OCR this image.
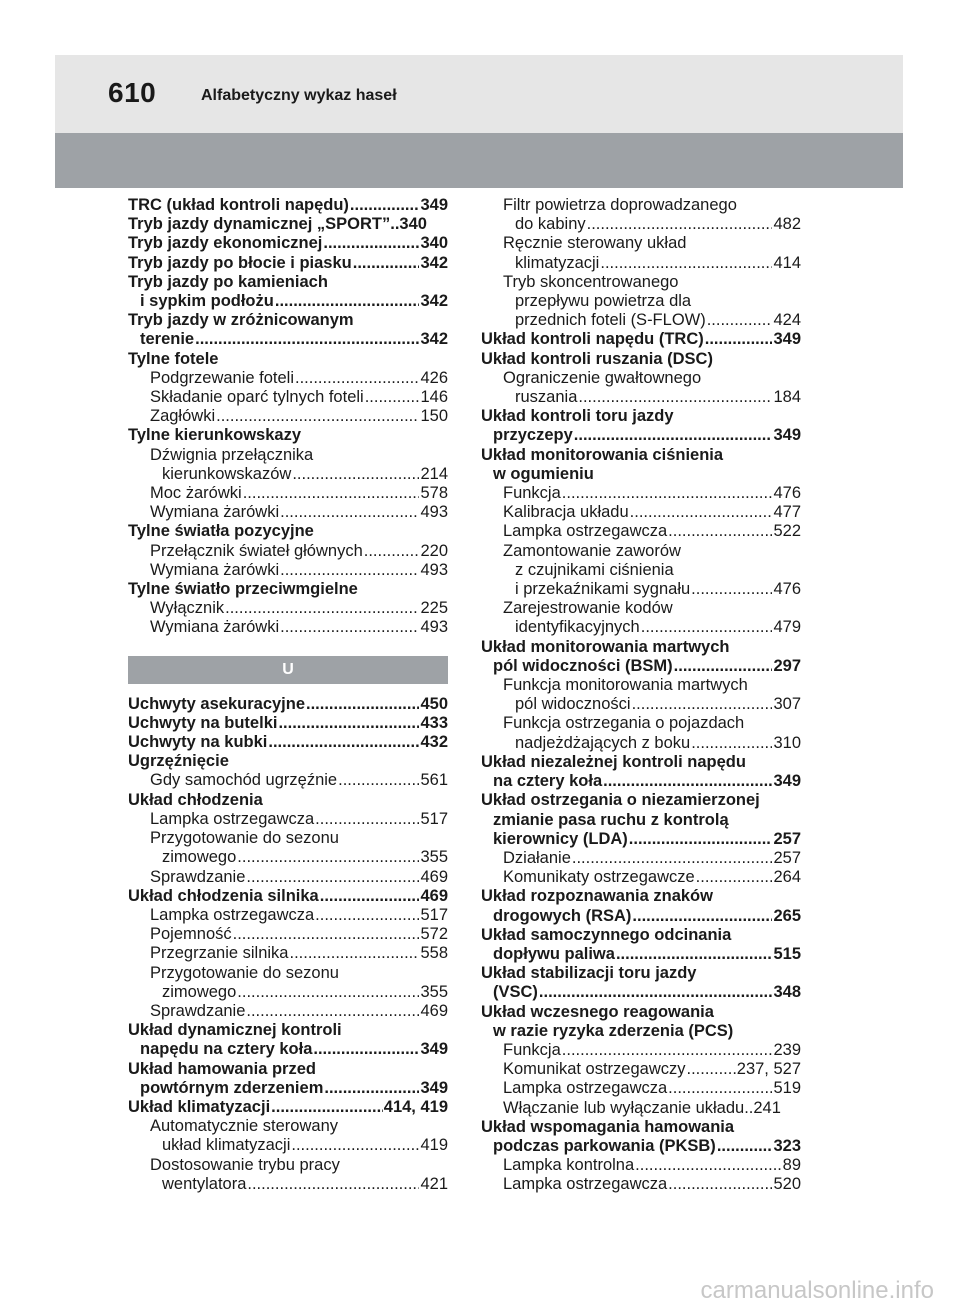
610	Alfabetyczny wykaz haseł
TRC (układ kontroli napędu) .....	349
Tryb jazdy dynamicznej „SPORT”..340
Tryb jazdy ekonomicznej .....	340
Tryb jazdy po błocie i piasku .....	342
Tryb jazdy po kamieniach
i sypkim podłożu .....	342
Tryb jazdy w zróżnicowanym
terenie .....	342
Tylne fotele
Podgrzewanie foteli .....	426
Składanie oparć tylnych foteli .....	146
Zagłówki .....	150
Tylne kierunkowskazy
Dźwignia przełącznika
kierunkowskazów .....	214
Moc żarówki .....	578
Wymiana żarówki .....	493
Tylne światła pozycyjne
Przełącznik świateł głównych .....	220
Wymiana żarówki .....	493
Tylne światło przeciwmgielne
Wyłącznik .....	225
Wymiana żarówki .....	493
U
Uchwyty asekuracyjne .....	450
Uchwyty na butelki .....	433
Uchwyty na kubki .....	432
Ugrzęźnięcie
Gdy samochód ugrzęźnie .....	561
Układ chłodzenia
Lampka ostrzegawcza .....	517
Przygotowanie do sezonu
zimowego .....	355
Sprawdzanie .....	469
Układ chłodzenia silnika .....	469
Lampka ostrzegawcza .....	517
Pojemność .....	572
Przegrzanie silnika .....	558
Przygotowanie do sezonu
zimowego .....	355
Sprawdzanie .....	469
Układ dynamicznej kontroli
napędu na cztery koła .....	349
Układ hamowania przed
powtórnym zderzeniem .....	349
Układ klimatyzacji .....	414, 419
Automatycznie sterowany
układ klimatyzacji .....	419
Dostosowanie trybu pracy
wentylatora .....	421
Filtr powietrza doprowadzanego
do kabiny .....	482
Ręcznie sterowany układ
klimatyzacji .....	414
Tryb skoncentrowanego
przepływu powietrza dla
przednich foteli (S-FLOW) .....	424
Układ kontroli napędu (TRC) .....	349
Układ kontroli ruszania (DSC)
Ograniczenie gwałtownego
ruszania .....	184
Układ kontroli toru jazdy
przyczepy .....	349
Układ monitorowania ciśnienia
w ogumieniu
Funkcja .....	476
Kalibracja układu .....	477
Lampka ostrzegawcza .....	522
Zamontowanie zaworów
z czujnikami ciśnienia
i przekaźnikami sygnału .....	476
Zarejestrowanie kodów
identyfikacyjnych .....	479
Układ monitorowania martwych
pól widoczności (BSM) .....	297
Funkcja monitorowania martwych
pól widoczności .....	307
Funkcja ostrzegania o pojazdach
nadjeżdżających z boku .....	310
Układ niezależnej kontroli napędu
na cztery koła .....	349
Układ ostrzegania o niezamierzonej
zmianie pasa ruchu z kontrolą
kierownicy (LDA) .....	257
Działanie .....	257
Komunikaty ostrzegawcze .....	264
Układ rozpoznawania znaków
drogowych (RSA) .....	265
Układ samoczynnego odcinania
dopływu paliwa .....	515
Układ stabilizacji toru jazdy
(VSC) .....	348
Układ wczesnego reagowania
w razie ryzyka zderzenia (PCS)
Funkcja .....	239
Komunikat ostrzegawczy .....	237, 527
Lampka ostrzegawcza .....	519
Włączanie lub wyłączanie układu..241
Układ wspomagania hamowania
podczas parkowania (PKSB) .....	323
Lampka kontrolna .....	89
Lampka ostrzegawcza .....	520
carmanualsonline.info
